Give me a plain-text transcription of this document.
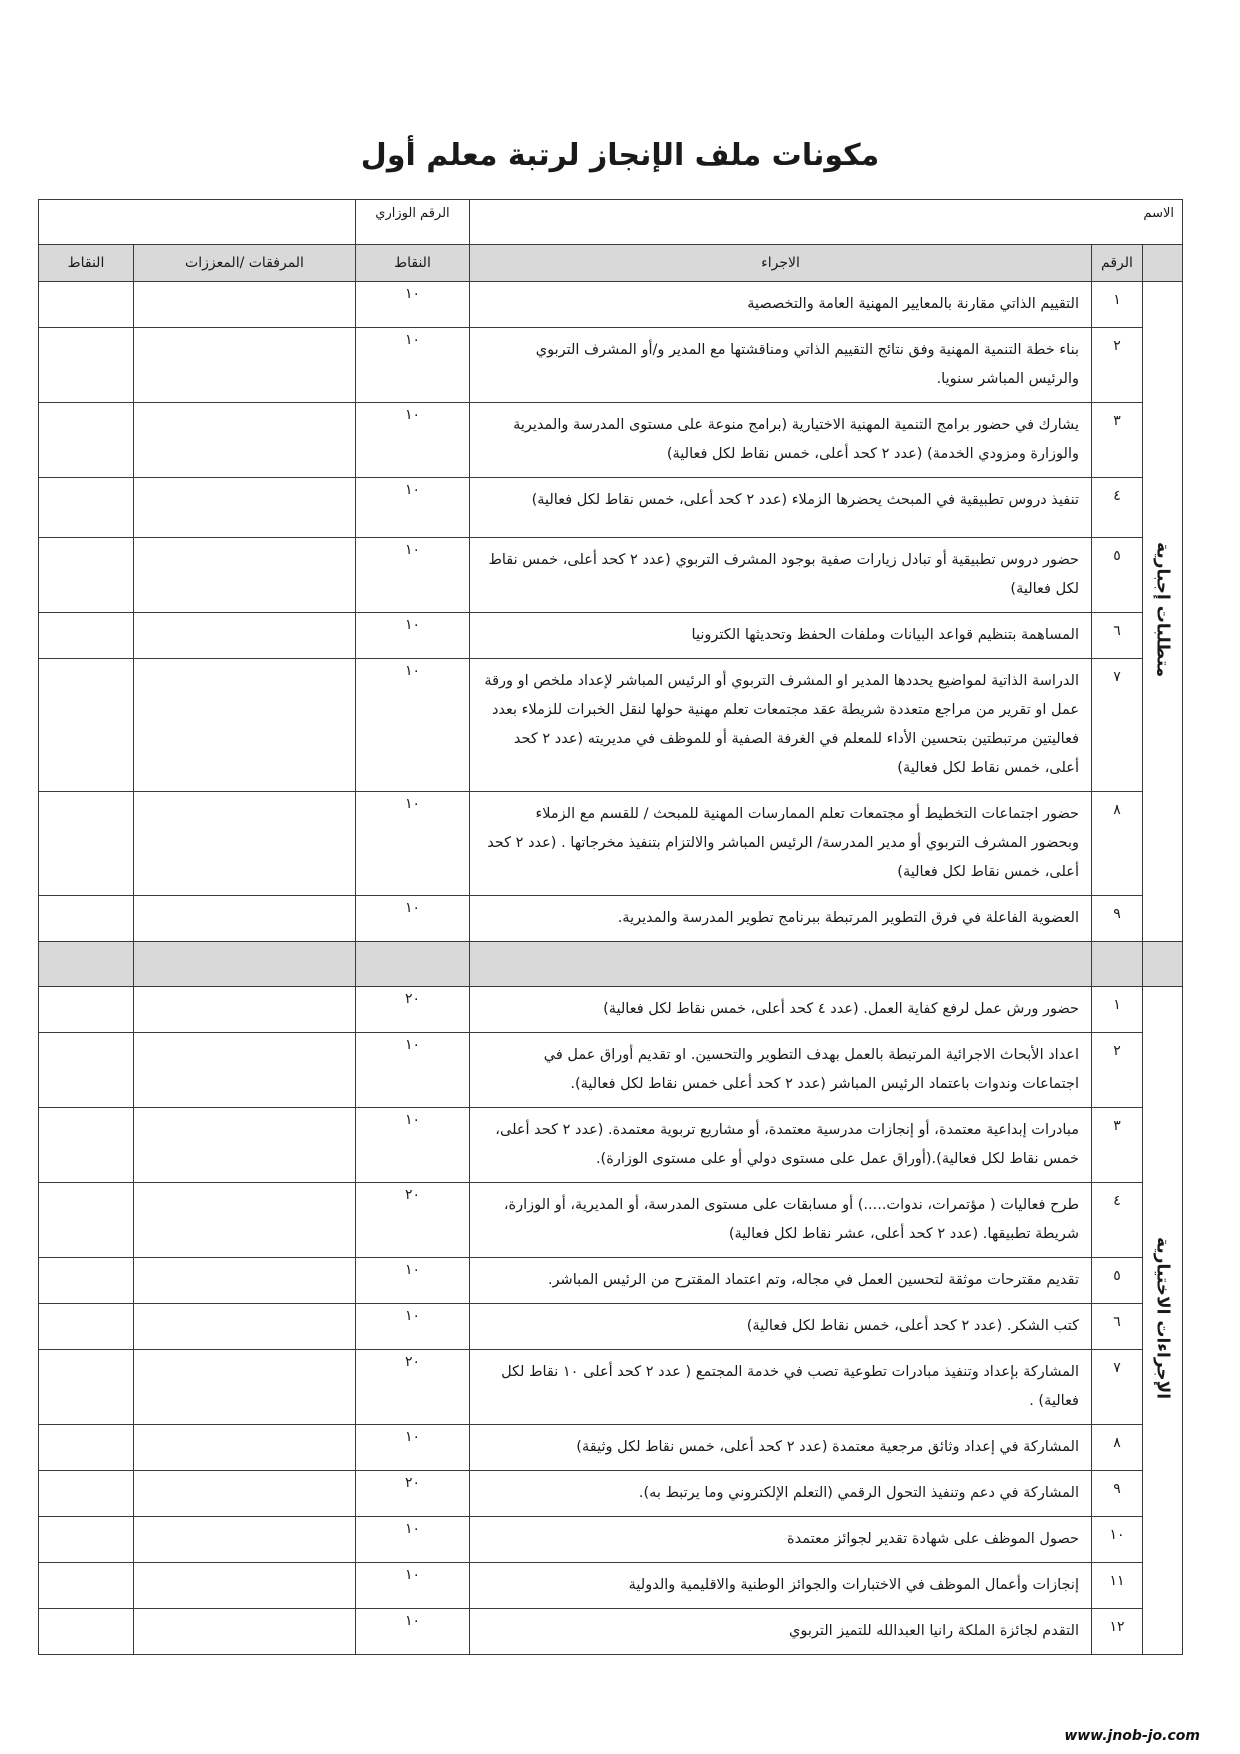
مكونات ملف الإنجاز لرتبة معلم أول
الاسم			الرقم الوزاري		
	الرقم	الاجراء	النقاط	المرفقات /المعززات	النقاط
متطلبات إجبارية	١	التقييم الذاتي مقارنة بالمعايير المهنية العامة والتخصصية	١٠		
	٢	بناء خطة التنمية المهنية وفق نتائج التقييم الذاتي ومناقشتها مع المدير و/أو المشرف التربوي والرئيس المباشر سنويا.	١٠		
	٣	يشارك في حضور برامج التنمية المهنية الاختيارية (برامج منوعة على مستوى المدرسة والمديرية والوزارة ومزودي الخدمة) (عدد ٢ كحد أعلى، خمس نقاط لكل فعالية)	١٠		
	٤	تنفيذ دروس تطبيقية في المبحث يحضرها الزملاء (عدد ٢ كحد أعلى، خمس نقاط لكل فعالية)	١٠		
	٥	حضور دروس تطبيقية أو تبادل زيارات صفية بوجود المشرف التربوي (عدد ٢ كحد أعلى، خمس نقاط لكل فعالية)	١٠		
	٦	المساهمة بتنظيم قواعد البيانات وملفات الحفظ وتحديثها الكترونيا	١٠		
	٧	الدراسة الذاتية لمواضيع يحددها المدير او المشرف التربوي أو الرئيس المباشر لإعداد ملخص او ورقة عمل او تقرير من مراجع متعددة شريطة عقد مجتمعات تعلم مهنية حولها لنقل الخبرات للزملاء بعدد فعاليتين مرتبطتين بتحسين الأداء للمعلم في الغرفة الصفية أو للموظف في مديريته (عدد ٢ كحد أعلى، خمس نقاط لكل فعالية)	١٠		
	٨	حضور اجتماعات التخطيط أو مجتمعات تعلم الممارسات المهنية للمبحث / للقسم مع الزملاء وبحضور المشرف التربوي أو مدير المدرسة/ الرئيس المباشر والالتزام بتنفيذ مخرجاتها . (عدد ٢ كحد أعلى، خمس نقاط لكل فعالية)	١٠		
	٩	العضوية الفاعلة في فرق التطوير المرتبطة ببرنامج تطوير المدرسة والمديرية.	١٠		

الإجراءات الاختيارية	١	حضور ورش عمل لرفع كفاية العمل. (عدد ٤ كحد أعلى، خمس نقاط لكل فعالية)	٢٠		
	٢	اعداد الأبحاث الاجرائية المرتبطة بالعمل بهدف التطوير والتحسين. او تقديم أوراق عمل في اجتماعات وندوات باعتماد الرئيس المباشر (عدد ٢ كحد أعلى خمس نقاط لكل فعالية).	١٠		
	٣	مبادرات إبداعية معتمدة، أو إنجازات مدرسية معتمدة، أو مشاريع تربوية معتمدة. (عدد ٢ كحد أعلى، خمس نقاط لكل فعالية).(أوراق عمل على مستوى دولي أو على مستوى الوزارة).	١٠		
	٤	طرح فعاليات ( مؤتمرات، ندوات.....) أو مسابقات على مستوى المدرسة، أو المديرية، أو الوزارة، شريطة تطبيقها. (عدد ٢ كحد أعلى، عشر نقاط لكل فعالية)	٢٠		
	٥	تقديم مقترحات موثقة لتحسين العمل في مجاله، وتم اعتماد المقترح من الرئيس المباشر.	١٠		
	٦	كتب الشكر. (عدد ٢ كحد أعلى، خمس نقاط لكل فعالية)	١٠		
	٧	المشاركة بإعداد وتنفيذ مبادرات تطوعية تصب في خدمة المجتمع ( عدد ٢ كحد أعلى ١٠ نقاط لكل فعالية) .	٢٠		
	٨	المشاركة في إعداد وثائق مرجعية معتمدة (عدد ٢ كحد أعلى، خمس نقاط لكل وثيقة)	١٠		
	٩	المشاركة في دعم وتنفيذ التحول الرقمي (التعلم الإلكتروني وما يرتبط به).	٢٠		
	١٠	حصول الموظف على شهادة تقدير لجوائز معتمدة	١٠		
	١١	إنجازات وأعمال الموظف في الاختبارات والجوائز الوطنية والاقليمية والدولية	١٠		
	١٢	التقدم لجائزة الملكة رانيا العبدالله للتميز التربوي	١٠		
www.jnob-jo.com
